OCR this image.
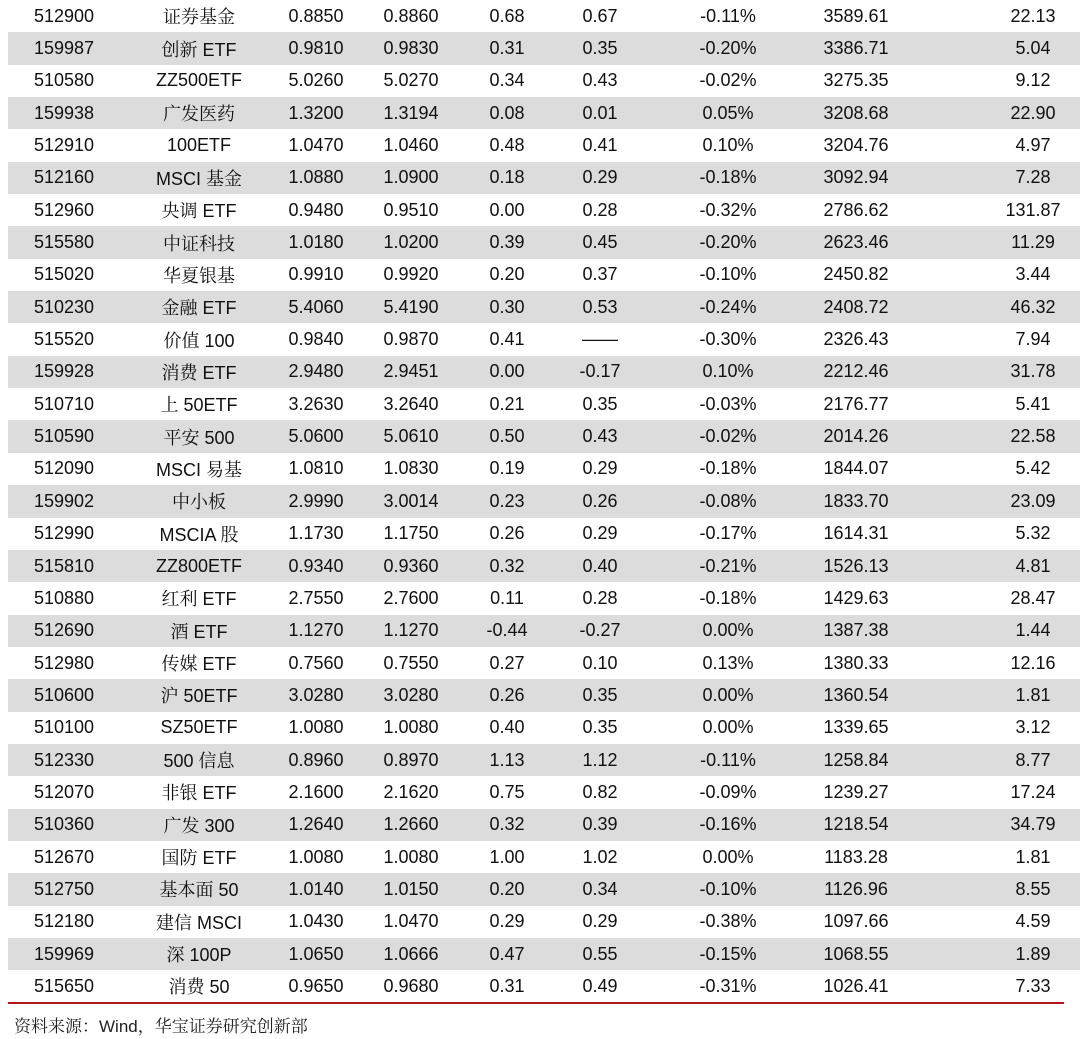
512900	证券基金	0.8850	0.8860	0.68	0.67	-0.11%	3589.61	22.13
159987	创新 ETF	0.9810	0.9830	0.31	0.35	-0.20%	3386.71	5.04
510580	ZZ500ETF	5.0260	5.0270	0.34	0.43	-0.02%	3275.35	9.12
159938	广发医药	1.3200	1.3194	0.08	0.01	0.05%	3208.68	22.90
512910	100ETF	1.0470	1.0460	0.48	0.41	0.10%	3204.76	4.97
512160	MSCI 基金	1.0880	1.0900	0.18	0.29	-0.18%	3092.94	7.28
512960	央调 ETF	0.9480	0.9510	0.00	0.28	-0.32%	2786.62	131.87
515580	中证科技	1.0180	1.0200	0.39	0.45	-0.20%	2623.46	11.29
515020	华夏银基	0.9910	0.9920	0.20	0.37	-0.10%	2450.82	3.44
510230	金融 ETF	5.4060	5.4190	0.30	0.53	-0.24%	2408.72	46.32
515520	价值 100	0.9840	0.9870	0.41	——	-0.30%	2326.43	7.94
159928	消费 ETF	2.9480	2.9451	0.00	-0.17	0.10%	2212.46	31.78
510710	上 50ETF	3.2630	3.2640	0.21	0.35	-0.03%	2176.77	5.41
510590	平安 500	5.0600	5.0610	0.50	0.43	-0.02%	2014.26	22.58
512090	MSCI 易基	1.0810	1.0830	0.19	0.29	-0.18%	1844.07	5.42
159902	中小板	2.9990	3.0014	0.23	0.26	-0.08%	1833.70	23.09
512990	MSCIA 股	1.1730	1.1750	0.26	0.29	-0.17%	1614.31	5.32
515810	ZZ800ETF	0.9340	0.9360	0.32	0.40	-0.21%	1526.13	4.81
510880	红利 ETF	2.7550	2.7600	0.11	0.28	-0.18%	1429.63	28.47
512690	酒 ETF	1.1270	1.1270	-0.44	-0.27	0.00%	1387.38	1.44
512980	传媒 ETF	0.7560	0.7550	0.27	0.10	0.13%	1380.33	12.16
510600	沪 50ETF	3.0280	3.0280	0.26	0.35	0.00%	1360.54	1.81
510100	SZ50ETF	1.0080	1.0080	0.40	0.35	0.00%	1339.65	3.12
512330	500 信息	0.8960	0.8970	1.13	1.12	-0.11%	1258.84	8.77
512070	非银 ETF	2.1600	2.1620	0.75	0.82	-0.09%	1239.27	17.24
510360	广发 300	1.2640	1.2660	0.32	0.39	-0.16%	1218.54	34.79
512670	国防 ETF	1.0080	1.0080	1.00	1.02	0.00%	1183.28	1.81
512750	基本面 50	1.0140	1.0150	0.20	0.34	-0.10%	1126.96	8.55
512180	建信 MSCI	1.0430	1.0470	0.29	0.29	-0.38%	1097.66	4.59
159969	深 100P	1.0650	1.0666	0.47	0.55	-0.15%	1068.55	1.89
515650	消费 50	0.9650	0.9680	0.31	0.49	-0.31%	1026.41	7.33
资料来源：Wind，华宝证券研究创新部
